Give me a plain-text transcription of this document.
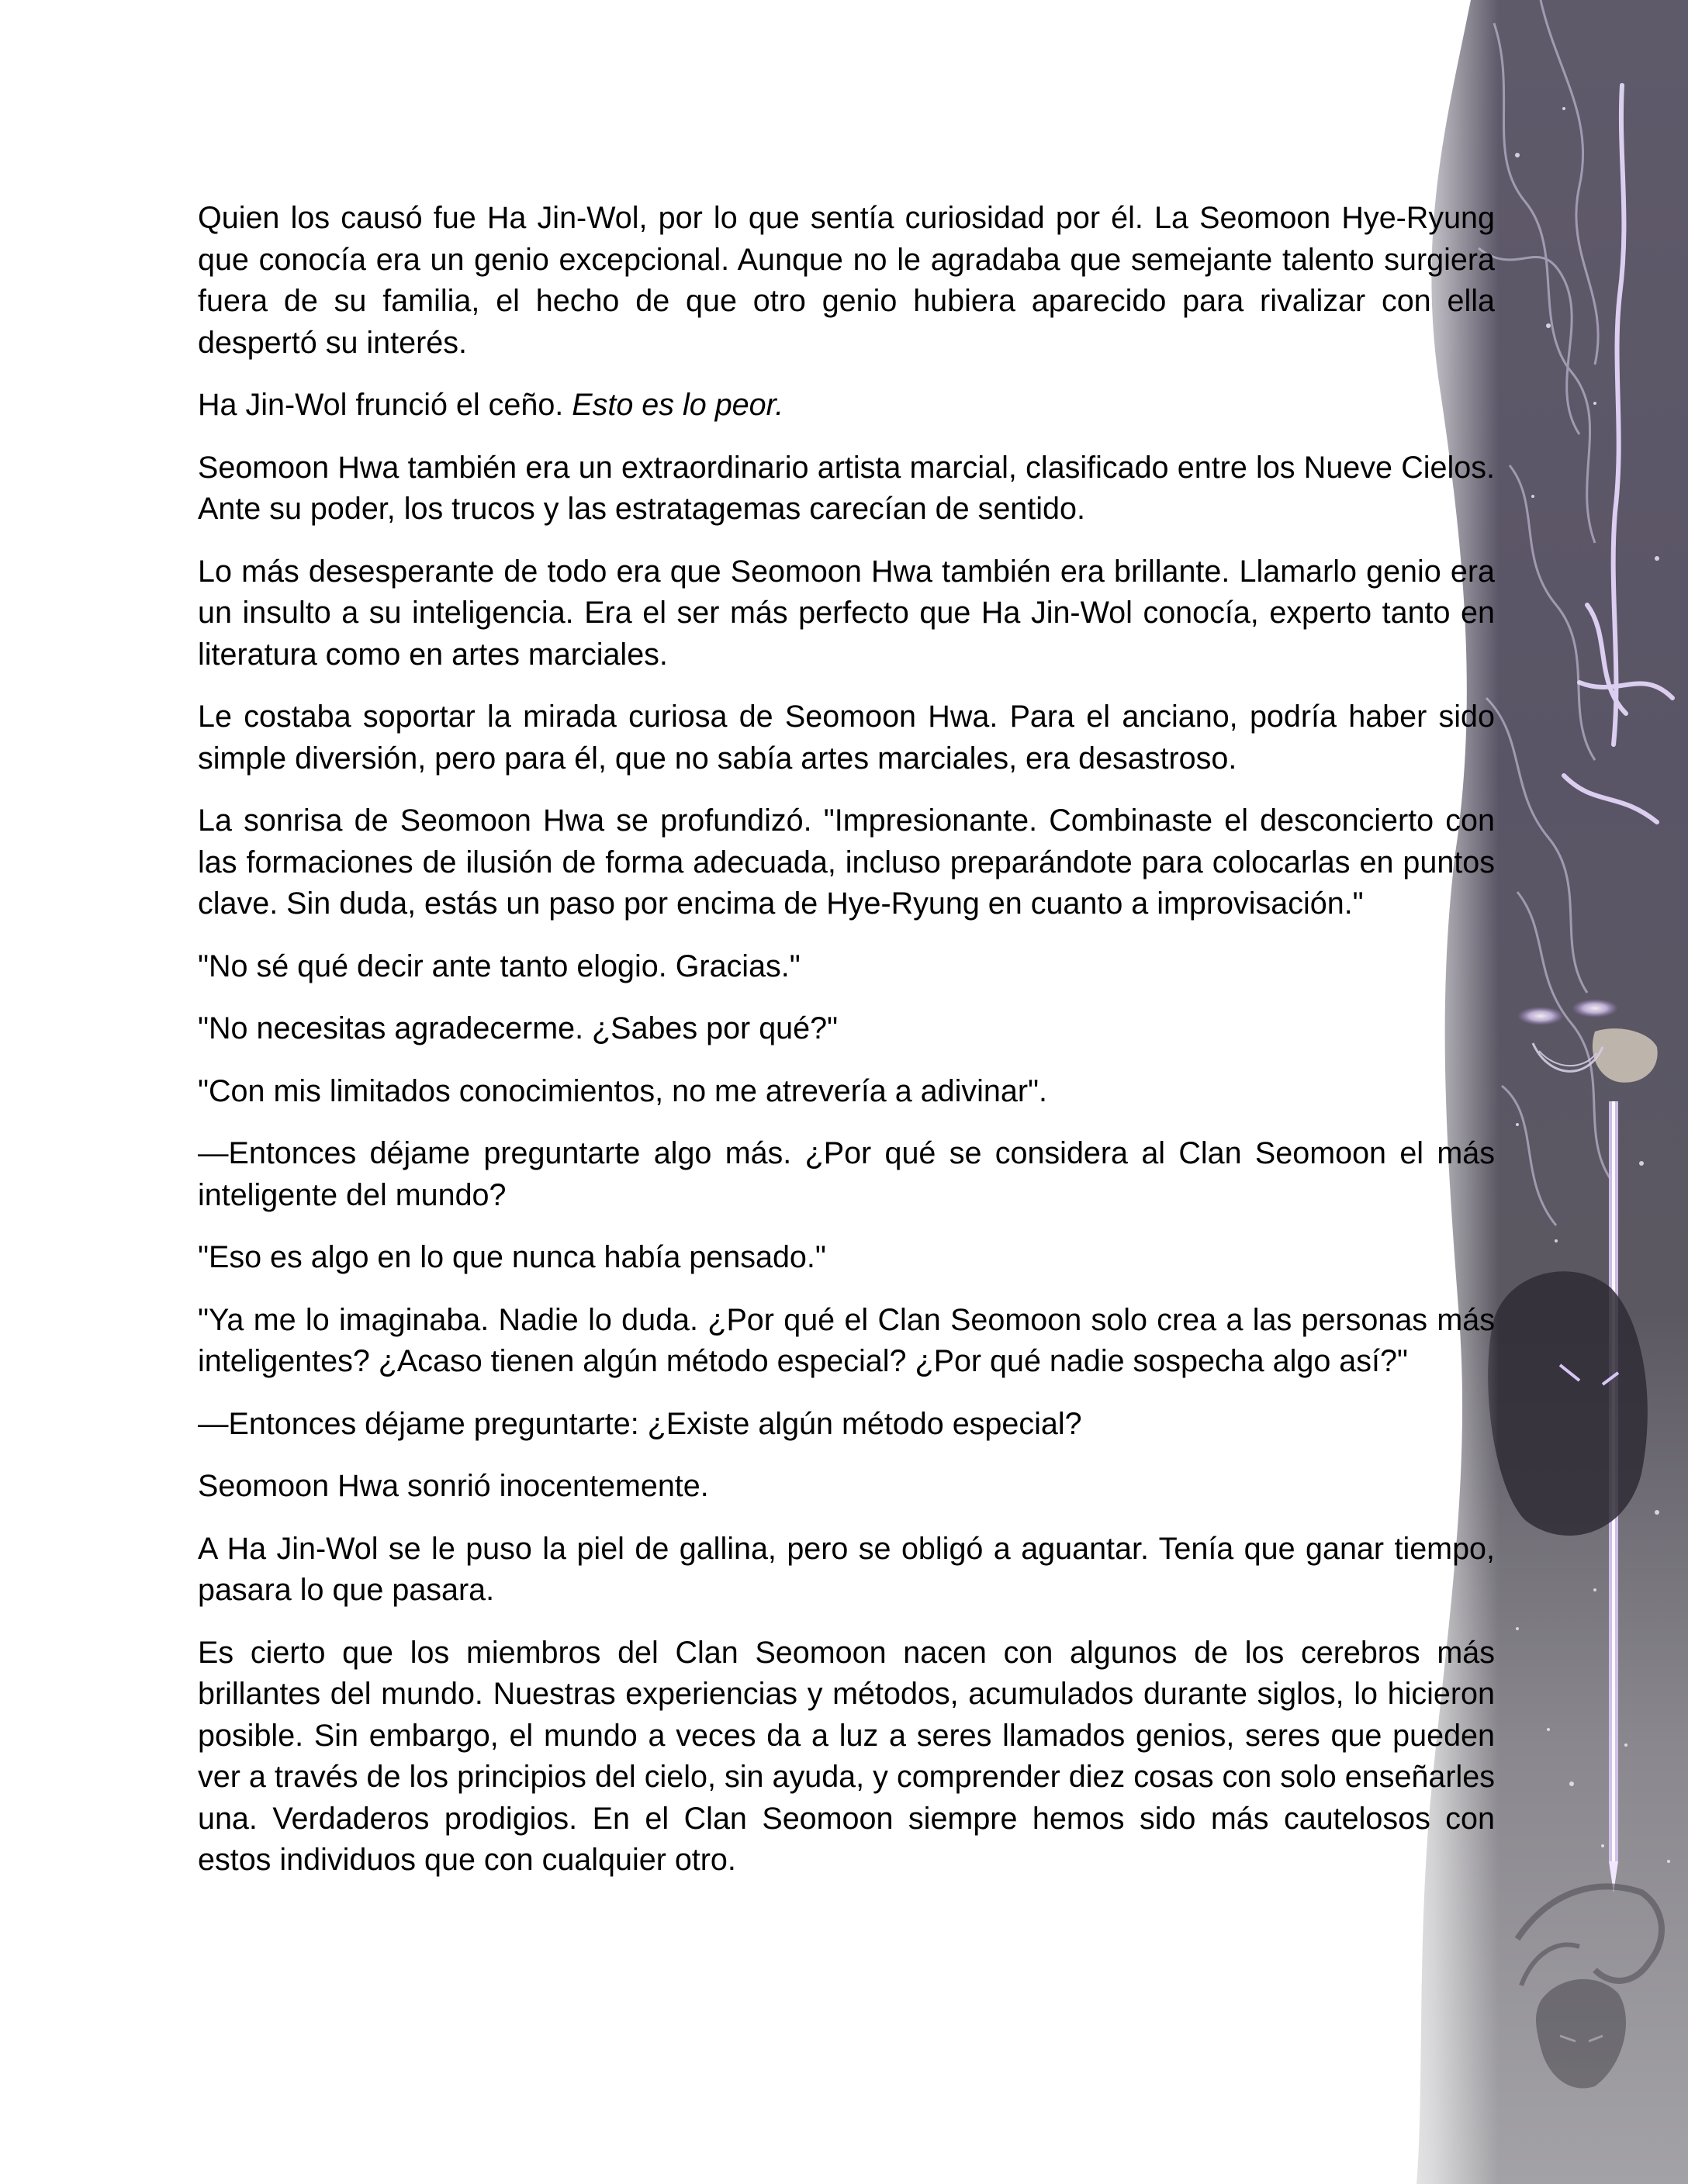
Quien los causó fue Ha Jin-Wol, por lo que sentía curiosidad por él. La Seomoon Hye-Ryung que conocía era un genio excepcional. Aunque no le agradaba que semejante talento surgiera fuera de su familia, el hecho de que otro genio hubiera aparecido para rivalizar con ella despertó su interés.

Ha Jin-Wol frunció el ceño. Esto es lo peor.

Seomoon Hwa también era un extraordinario artista marcial, clasificado entre los Nueve Cielos. Ante su poder, los trucos y las estratagemas carecían de sentido.

Lo más desesperante de todo era que Seomoon Hwa también era brillante. Llamarlo genio era un insulto a su inteligencia. Era el ser más perfecto que Ha Jin-Wol conocía, experto tanto en literatura como en artes marciales.

Le costaba soportar la mirada curiosa de Seomoon Hwa. Para el anciano, podría haber sido simple diversión, pero para él, que no sabía artes marciales, era desastroso.

La sonrisa de Seomoon Hwa se profundizó. "Impresionante. Combinaste el desconcierto con las formaciones de ilusión de forma adecuada, incluso preparándote para colocarlas en puntos clave. Sin duda, estás un paso por encima de Hye-Ryung en cuanto a improvisación."

"No sé qué decir ante tanto elogio. Gracias."

"No necesitas agradecerme. ¿Sabes por qué?"

"Con mis limitados conocimientos, no me atrevería a adivinar".

—Entonces déjame preguntarte algo más. ¿Por qué se considera al Clan Seomoon el más inteligente del mundo?

"Eso es algo en lo que nunca había pensado."

"Ya me lo imaginaba. Nadie lo duda. ¿Por qué el Clan Seomoon solo crea a las personas más inteligentes? ¿Acaso tienen algún método especial? ¿Por qué nadie sospecha algo así?"

—Entonces déjame preguntarte: ¿Existe algún método especial?

Seomoon Hwa sonrió inocentemente.

A Ha Jin-Wol se le puso la piel de gallina, pero se obligó a aguantar. Tenía que ganar tiempo, pasara lo que pasara.

Es cierto que los miembros del Clan Seomoon nacen con algunos de los cerebros más brillantes del mundo. Nuestras experiencias y métodos, acumulados durante siglos, lo hicieron posible. Sin embargo, el mundo a veces da a luz a seres llamados genios, seres que pueden ver a través de los principios del cielo, sin ayuda, y comprender diez cosas con solo enseñarles una. Verdaderos prodigios. En el Clan Seomoon siempre hemos sido más cautelosos con estos individuos que con cualquier otro.
